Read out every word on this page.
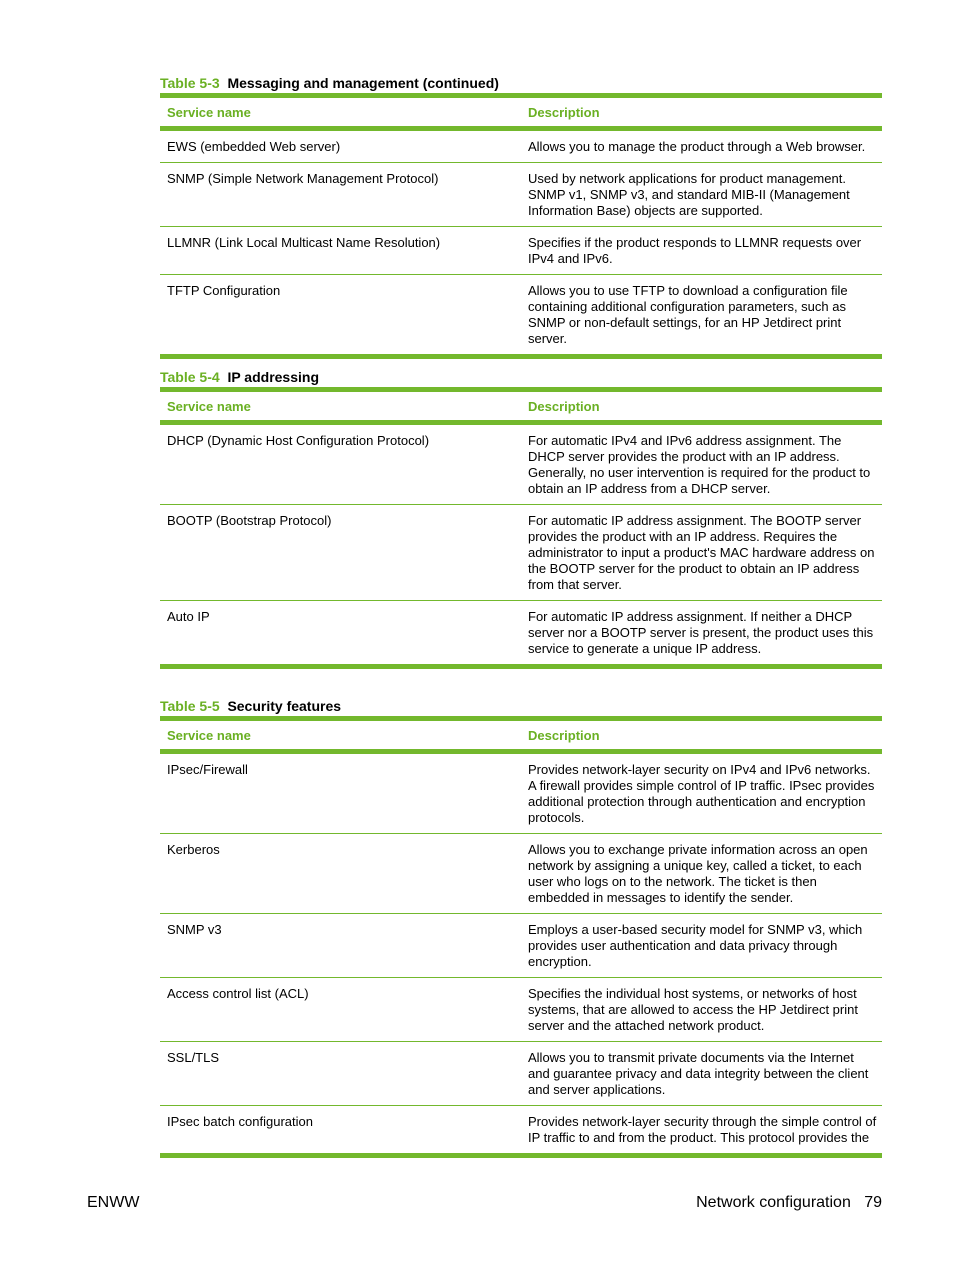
Table 5-3 Messaging and management (continued)
Service name	Description
EWS (embedded Web server)	Allows you to manage the product through a Web browser.
SNMP (Simple Network Management Protocol)	Used by network applications for product management. SNMP v1, SNMP v3, and standard MIB-II (Management Information Base) objects are supported.
LLMNR (Link Local Multicast Name Resolution)	Specifies if the product responds to LLMNR requests over IPv4 and IPv6.
TFTP Configuration	Allows you to use TFTP to download a configuration file containing additional configuration parameters, such as SNMP or non-default settings, for an HP Jetdirect print server.
Table 5-4 IP addressing
Service name	Description
DHCP (Dynamic Host Configuration Protocol)	For automatic IPv4 and IPv6 address assignment. The DHCP server provides the product with an IP address. Generally, no user intervention is required for the product to obtain an IP address from a DHCP server.
BOOTP (Bootstrap Protocol)	For automatic IP address assignment. The BOOTP server provides the product with an IP address. Requires the administrator to input a product's MAC hardware address on the BOOTP server for the product to obtain an IP address from that server.
Auto IP	For automatic IP address assignment. If neither a DHCP server nor a BOOTP server is present, the product uses this service to generate a unique IP address.
Table 5-5 Security features
Service name	Description
IPsec/Firewall	Provides network-layer security on IPv4 and IPv6 networks. A firewall provides simple control of IP traffic. IPsec provides additional protection through authentication and encryption protocols.
Kerberos	Allows you to exchange private information across an open network by assigning a unique key, called a ticket, to each user who logs on to the network. The ticket is then embedded in messages to identify the sender.
SNMP v3	Employs a user-based security model for SNMP v3, which provides user authentication and data privacy through encryption.
Access control list (ACL)	Specifies the individual host systems, or networks of host systems, that are allowed to access the HP Jetdirect print server and the attached network product.
SSL/TLS	Allows you to transmit private documents via the Internet and guarantee privacy and data integrity between the client and server applications.
IPsec batch configuration	Provides network-layer security through the simple control of IP traffic to and from the product. This protocol provides the
ENWW	Network configuration 79
